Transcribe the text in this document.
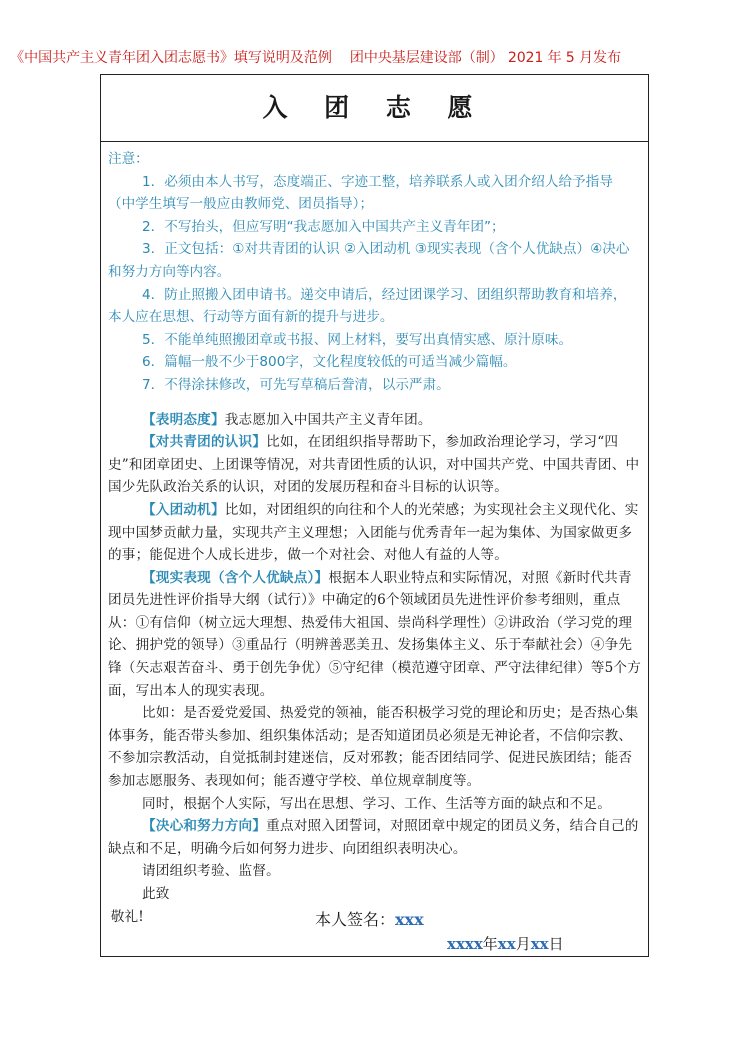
《中国共产主义青年团入团志愿书》填写说明及范例 团中央基层建设部（制） 2021 年 5 月发布
入 团 志 愿

注意：

1．必须由本人书写，态度端正、字迹工整，培养联系人或入团介绍人给予指导（中学生填写一般应由教师党、团员指导）；

2．不写抬头，但应写明“我志愿加入中国共产主义青年团”；

3．正文包括：①对共青团的认识 ②入团动机 ③现实表现（含个人优缺点）④决心和努力方向等内容。

4．防止照搬入团申请书。递交申请后，经过团课学习、团组织帮助教育和培养，本人应在思想、行动等方面有新的提升与进步。

5．不能单纯照搬团章或书报、网上材料，要写出真情实感、原汁原味。

6．篇幅一般不少于800字，文化程度较低的可适当减少篇幅。

7．不得涂抹修改，可先写草稿后誊清，以示严肃。

【表明态度】我志愿加入中国共产主义青年团。

【对共青团的认识】比如，在团组织指导帮助下，参加政治理论学习，学习“四史”和团章团史、上团课等情况，对共青团性质的认识，对中国共产党、中国共青团、中国少先队政治关系的认识，对团的发展历程和奋斗目标的认识等。

【入团动机】比如，对团组织的向往和个人的光荣感；为实现社会主义现代化、实现中国梦贡献力量，实现共产主义理想；入团能与优秀青年一起为集体、为国家做更多的事；能促进个人成长进步，做一个对社会、对他人有益的人等。

【现实表现（含个人优缺点）】根据本人职业特点和实际情况，对照《新时代共青团员先进性评价指导大纲（试行）》中确定的6个领域团员先进性评价参考细则，重点从：①有信仰（树立远大理想、热爱伟大祖国、崇尚科学理性）②讲政治（学习党的理论、拥护党的领导）③重品行（明辨善恶美丑、发扬集体主义、乐于奉献社会）④争先锋（矢志艰苦奋斗、勇于创先争优）⑤守纪律（模范遵守团章、严守法律纪律）等5个方面，写出本人的现实表现。

比如：是否爱党爱国、热爱党的领袖，能否积极学习党的理论和历史；是否热心集体事务，能否带头参加、组织集体活动；是否知道团员必须是无神论者，不信仰宗教、不参加宗教活动，自觉抵制封建迷信，反对邪教；能否团结同学、促进民族团结；能否参加志愿服务、表现如何；能否遵守学校、单位规章制度等。

同时，根据个人实际，写出在思想、学习、工作、生活等方面的缺点和不足。

【决心和努力方向】重点对照入团誓词，对照团章中规定的团员义务，结合自己的缺点和不足，明确今后如何努力进步、向团组织表明决心。

请团组织考验、监督。

此致

敬礼!	本人签名：xxx
xxxx年xx月xx日
